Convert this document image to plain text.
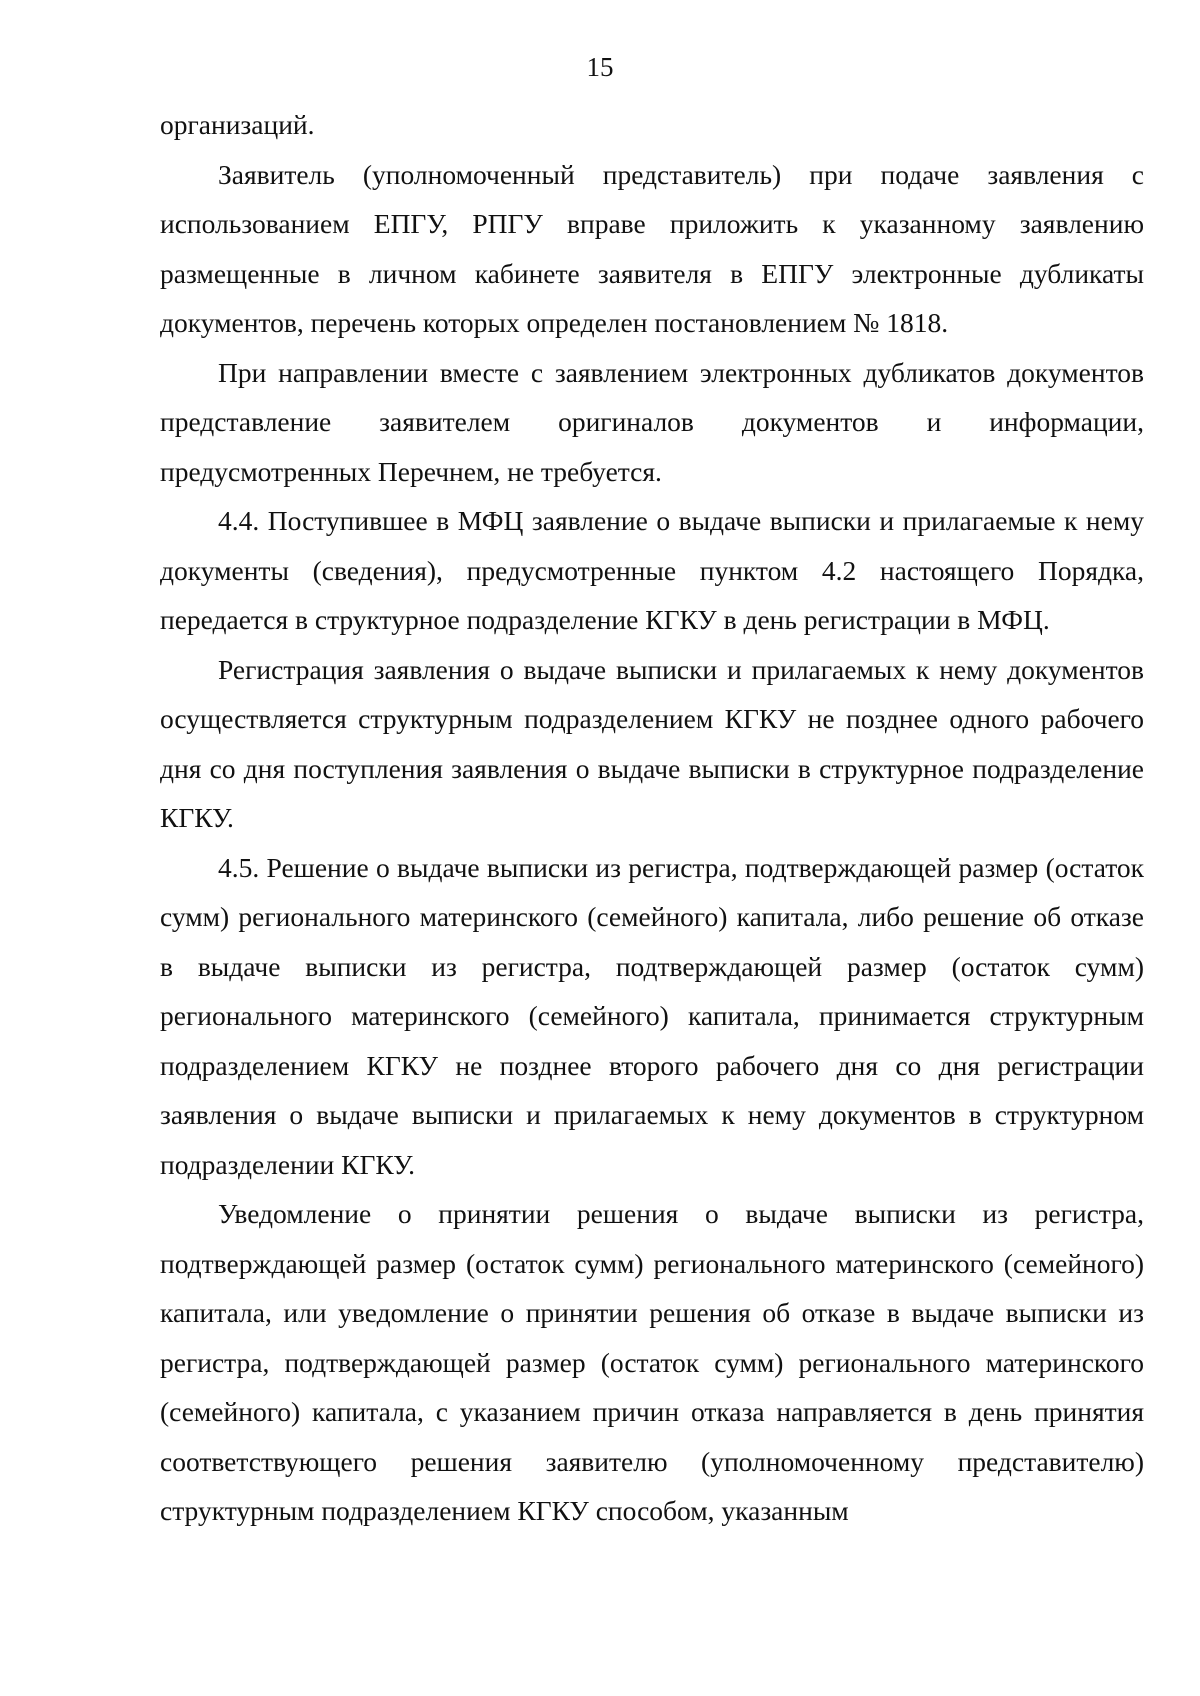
15

организаций.

Заявитель (уполномоченный представитель) при подаче заявления с использованием ЕПГУ, РПГУ вправе приложить к указанному заявлению размещенные в личном кабинете заявителя в ЕПГУ электронные дубликаты документов, перечень которых определен постановлением № 1818.

При направлении вместе с заявлением электронных дубликатов документов представление заявителем оригиналов документов и информации, предусмотренных Перечнем, не требуется.

4.4. Поступившее в МФЦ заявление о выдаче выписки и прилагаемые к нему документы (сведения), предусмотренные пунктом 4.2 настоящего Порядка, передается в структурное подразделение КГКУ в день регистрации в МФЦ.

Регистрация заявления о выдаче выписки и прилагаемых к нему документов осуществляется структурным подразделением КГКУ не позднее одного рабочего дня со дня поступления заявления о выдаче выписки в структурное подразделение КГКУ.

4.5. Решение о выдаче выписки из регистра, подтверждающей размер (остаток сумм) регионального материнского (семейного) капитала, либо решение об отказе в выдаче выписки из регистра, подтверждающей размер (остаток сумм) регионального материнского (семейного) капитала, принимается структурным подразделением КГКУ не позднее второго рабочего дня со дня регистрации заявления о выдаче выписки и прилагаемых к нему документов в структурном подразделении КГКУ.

Уведомление о принятии решения о выдаче выписки из регистра, подтверждающей размер (остаток сумм) регионального материнского (семейного) капитала, или уведомление о принятии решения об отказе в выдаче выписки из регистра, подтверждающей размер (остаток сумм) регионального материнского (семейного) капитала, с указанием причин отказа направляется в день принятия соответствующего решения заявителю (уполномоченному представителю) структурным подразделением КГКУ способом, указанным
